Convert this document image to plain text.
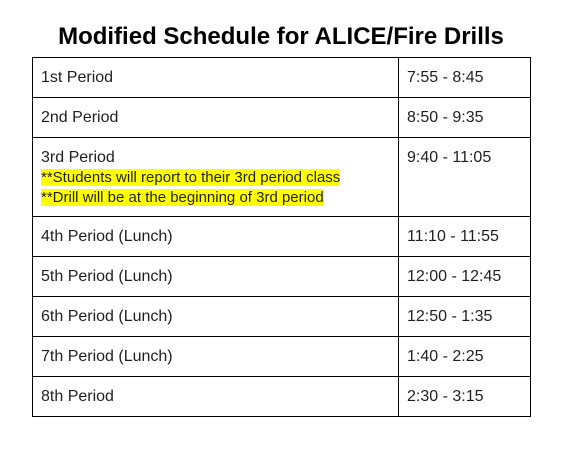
Modified Schedule for ALICE/Fire Drills
1st Period	7:55 - 8:45

2nd Period	8:50 - 9:35

3rd Period
**Students will report to their 3rd period class
**Drill will be at the beginning of 3rd period	9:40 - 11:05

4th Period (Lunch)	11:10 - 11:55

5th Period (Lunch)	12:00 - 12:45

6th Period (Lunch)	12:50 - 1:35

7th Period (Lunch)	1:40 - 2:25

8th Period	2:30 - 3:15
